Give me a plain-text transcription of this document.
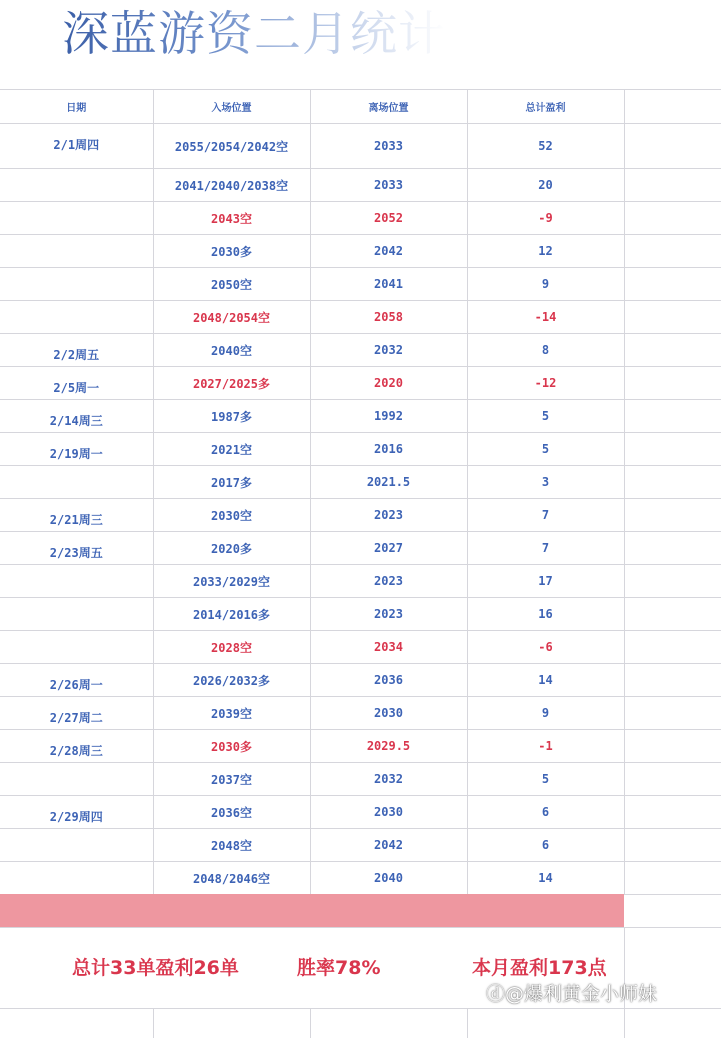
深蓝游资二月统计
日期	入场位置	离场位置	总计盈利	
2/1周四	2055/2054/2042空	2033	52	
	2041/2040/2038空	2033	20	
	2043空	2052	-9	
	2030多	2042	12	
	2050空	2041	9	
	2048/2054空	2058	-14	
2/2周五	2040空	2032	8	
2/5周一	2027/2025多	2020	-12	
2/14周三	1987多	1992	5	
2/19周一	2021空	2016	5	
	2017多	2021.5	3	
2/21周三	2030空	2023	7	
2/23周五	2020多	2027	7	
	2033/2029空	2023	17	
	2014/2016多	2023	16	
	2028空	2034	-6	
2/26周一	2026/2032多	2036	14	
2/27周二	2039空	2030	9	
2/28周三	2030多	2029.5	-1	
	2037空	2032	5	
2/29周四	2036空	2030	6	
	2048空	2042	6	
	2048/2046空	2040	14	
总计33单盈利26单	胜率78%	本月盈利173点
ⓓ@爆利黄金小师妹
